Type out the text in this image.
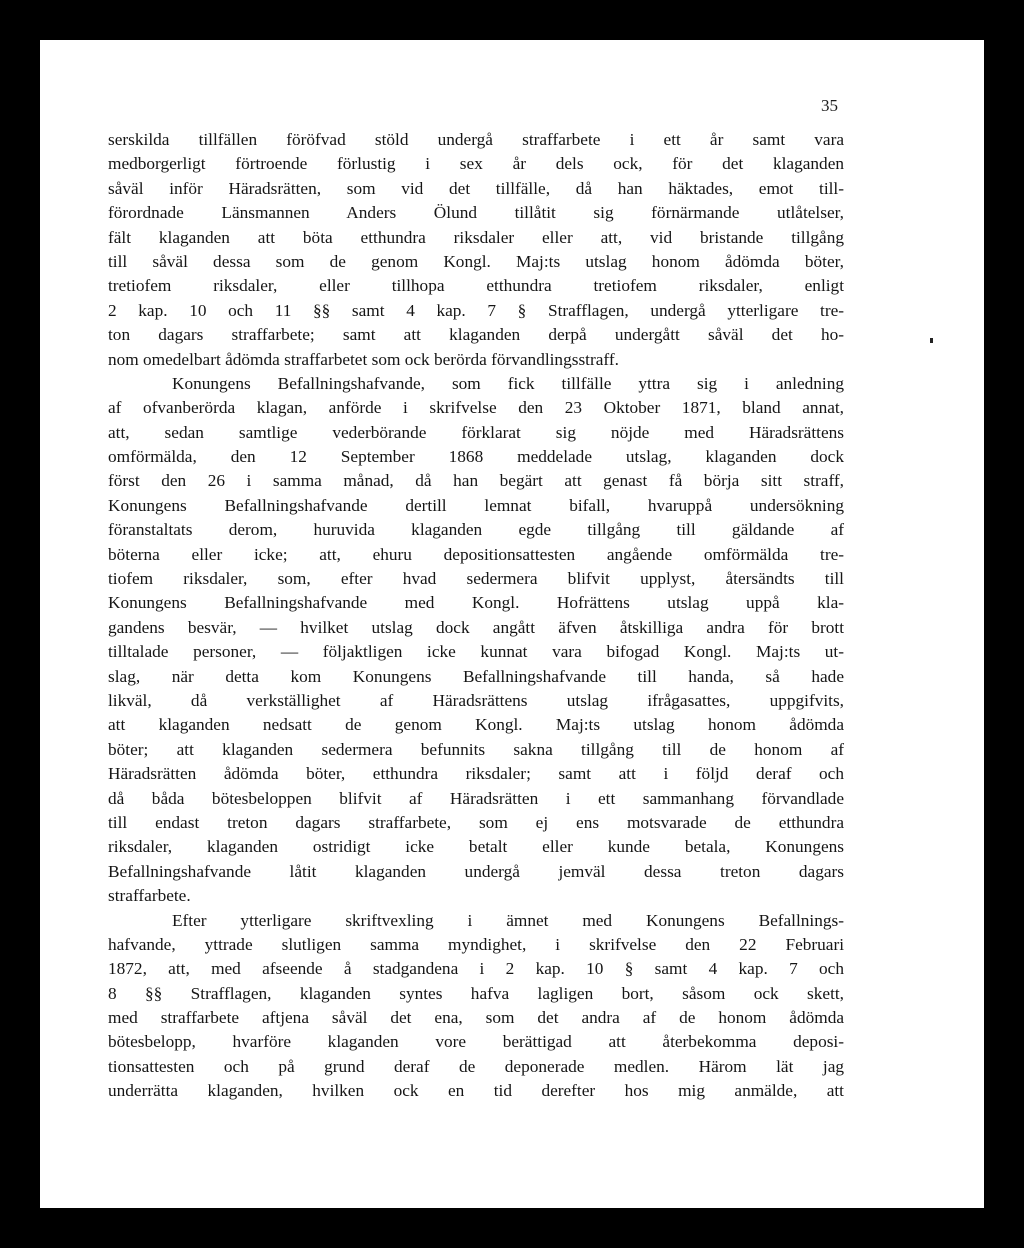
35
serskilda tillfällen föröfvad stöld undergå straffarbete i ett år samt vara
medborgerligt förtroende förlustig i sex år dels ock, för det klaganden
såväl inför Häradsrätten, som vid det tillfälle, då han häktades, emot till-
förordnade Länsmannen Anders Ölund tillåtit sig förnärmande utlåtelser,
fält klaganden att böta etthundra riksdaler eller att, vid bristande tillgång
till såväl dessa som de genom Kongl. Maj:ts utslag honom ådömda böter,
tretiofem riksdaler, eller tillhopa etthundra tretiofem riksdaler, enligt
2 kap. 10 och 11 §§ samt 4 kap. 7 § Strafflagen, undergå ytterligare tre-
ton dagars straffarbete; samt att klaganden derpå undergått såväl det ho-
nom omedelbart ådömda straffarbetet som ock berörda förvandlingsstraff.
Konungens Befallningshafvande, som fick tillfälle yttra sig i anledning
af ofvanberörda klagan, anförde i skrifvelse den 23 Oktober 1871, bland annat,
att, sedan samtlige vederbörande förklarat sig nöjde med Häradsrättens
omförmälda, den 12 September 1868 meddelade utslag, klaganden dock
först den 26 i samma månad, då han begärt att genast få börja sitt straff,
Konungens Befallningshafvande dertill lemnat bifall, hvaruppå undersökning
föranstaltats derom, huruvida klaganden egde tillgång till gäldande af
böterna eller icke; att, ehuru depositionsattesten angående omförmälda tre-
tiofem riksdaler, som, efter hvad sedermera blifvit upplyst, återsändts till
Konungens Befallningshafvande med Kongl. Hofrättens utslag uppå kla-
gandens besvär, — hvilket utslag dock angått äfven åtskilliga andra för brott
tilltalade personer, — följaktligen icke kunnat vara bifogad Kongl. Maj:ts ut-
slag, när detta kom Konungens Befallningshafvande till handa, så hade
likväl, då verkställighet af Häradsrättens utslag ifrågasattes, uppgifvits,
att klaganden nedsatt de genom Kongl. Maj:ts utslag honom ådömda
böter; att klaganden sedermera befunnits sakna tillgång till de honom af
Häradsrätten ådömda böter, etthundra riksdaler; samt att i följd deraf och
då båda bötesbeloppen blifvit af Häradsrätten i ett sammanhang förvandlade
till endast treton dagars straffarbete, som ej ens motsvarade de etthundra
riksdaler, klaganden ostridigt icke betalt eller kunde betala, Konungens
Befallningshafvande låtit klaganden undergå jemväl dessa treton dagars
straffarbete.
Efter ytterligare skriftvexling i ämnet med Konungens Befallnings-
hafvande, yttrade slutligen samma myndighet, i skrifvelse den 22 Februari
1872, att, med afseende å stadgandena i 2 kap. 10 § samt 4 kap. 7 och
8 §§ Strafflagen, klaganden syntes hafva lagligen bort, såsom ock skett,
med straffarbete aftjena såväl det ena, som det andra af de honom ådömda
bötesbelopp, hvarföre klaganden vore berättigad att återbekomma deposi-
tionsattesten och på grund deraf de deponerade medlen. Härom lät jag
underrätta klaganden, hvilken ock en tid derefter hos mig anmälde, att
